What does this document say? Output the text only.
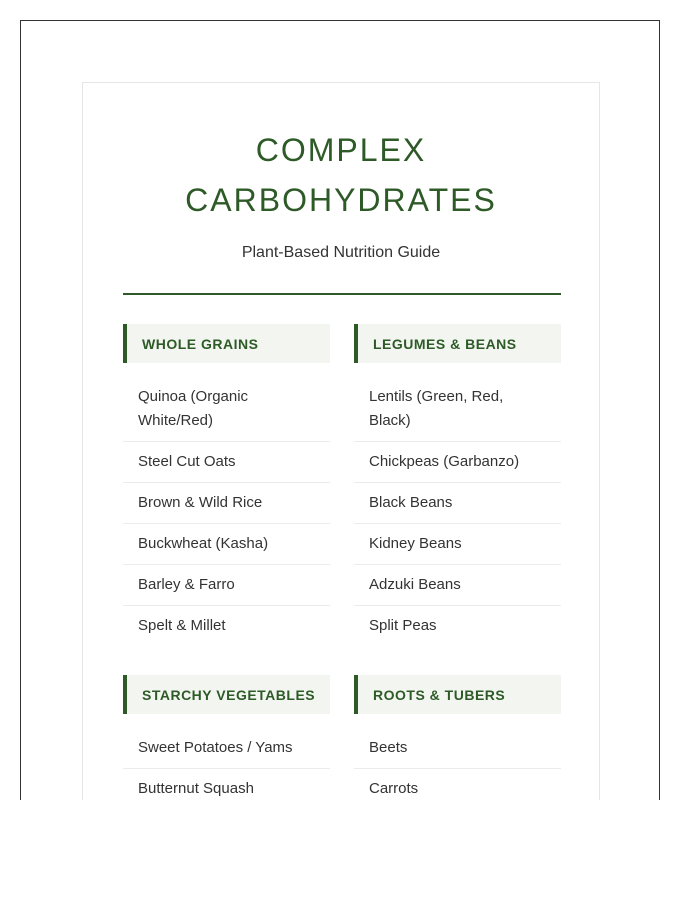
COMPLEX
CARBOHYDRATES
Plant-Based Nutrition Guide
WHOLE GRAINS
Quinoa (Organic White/Red)
Steel Cut Oats
Brown & Wild Rice
Buckwheat (Kasha)
Barley & Farro
Spelt & Millet
LEGUMES & BEANS
Lentils (Green, Red, Black)
Chickpeas (Garbanzo)
Black Beans
Kidney Beans
Adzuki Beans
Split Peas
STARCHY VEGETABLES
Sweet Potatoes / Yams
Butternut Squash
ROOTS & TUBERS
Beets
Carrots
